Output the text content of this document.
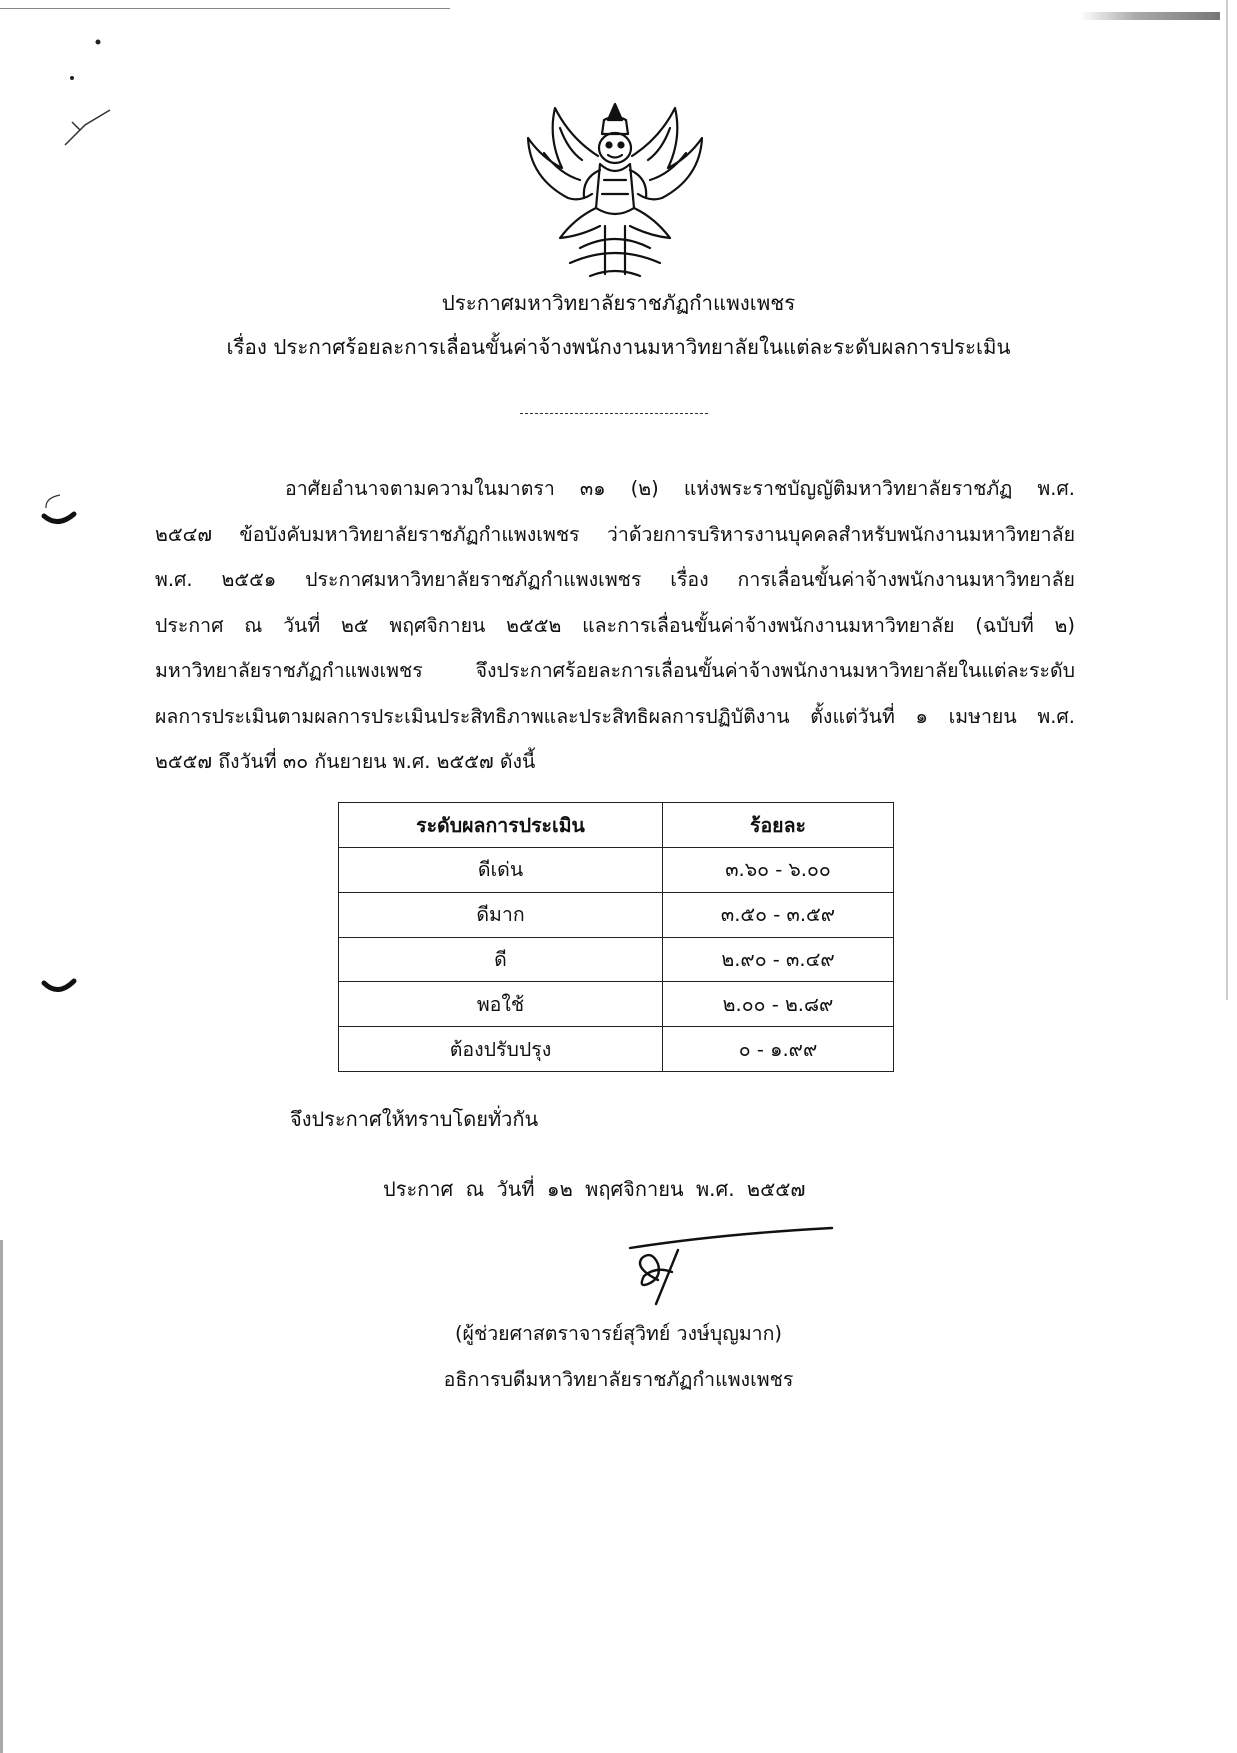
ประกาศมหาวิทยาลัยราชภัฏกำแพงเพชร
เรื่อง ประกาศร้อยละการเลื่อนขั้นค่าจ้างพนักงานมหาวิทยาลัยในแต่ละระดับผลการประเมิน
อาศัยอำนาจตามความในมาตรา ๓๑ (๒) แห่งพระราชบัญญัติมหาวิทยาลัยราชภัฏ พ.ศ.
๒๕๔๗ ข้อบังคับมหาวิทยาลัยราชภัฏกำแพงเพชร ว่าด้วยการบริหารงานบุคคลสำหรับพนักงานมหาวิทยาลัย
พ.ศ. ๒๕๕๑ ประกาศมหาวิทยาลัยราชภัฏกำแพงเพชร เรื่อง การเลื่อนขั้นค่าจ้างพนักงานมหาวิทยาลัย
ประกาศ ณ วันที่ ๒๕ พฤศจิกายน ๒๕๕๒ และการเลื่อนขั้นค่าจ้างพนักงานมหาวิทยาลัย (ฉบับที่ ๒)
มหาวิทยาลัยราชภัฏกำแพงเพชร จึงประกาศร้อยละการเลื่อนขั้นค่าจ้างพนักงานมหาวิทยาลัยในแต่ละระดับ
ผลการประเมินตามผลการประเมินประสิทธิภาพและประสิทธิผลการปฏิบัติงาน ตั้งแต่วันที่ ๑ เมษายน พ.ศ.
๒๕๕๗ ถึงวันที่ ๓๐ กันยายน พ.ศ. ๒๕๕๗ ดังนี้
ระดับผลการประเมิน	ร้อยละ
ดีเด่น	๓.๖๐ - ๖.๐๐
ดีมาก	๓.๕๐ - ๓.๕๙
ดี	๒.๙๐ - ๓.๔๙
พอใช้	๒.๐๐ - ๒.๘๙
ต้องปรับปรุง	๐ - ๑.๙๙
จึงประกาศให้ทราบโดยทั่วกัน
ประกาศ ณ วันที่ ๑๒ พฤศจิกายน พ.ศ. ๒๕๕๗
(ผู้ช่วยศาสตราจารย์สุวิทย์ วงษ์บุญมาก)
อธิการบดีมหาวิทยาลัยราชภัฏกำแพงเพชร
